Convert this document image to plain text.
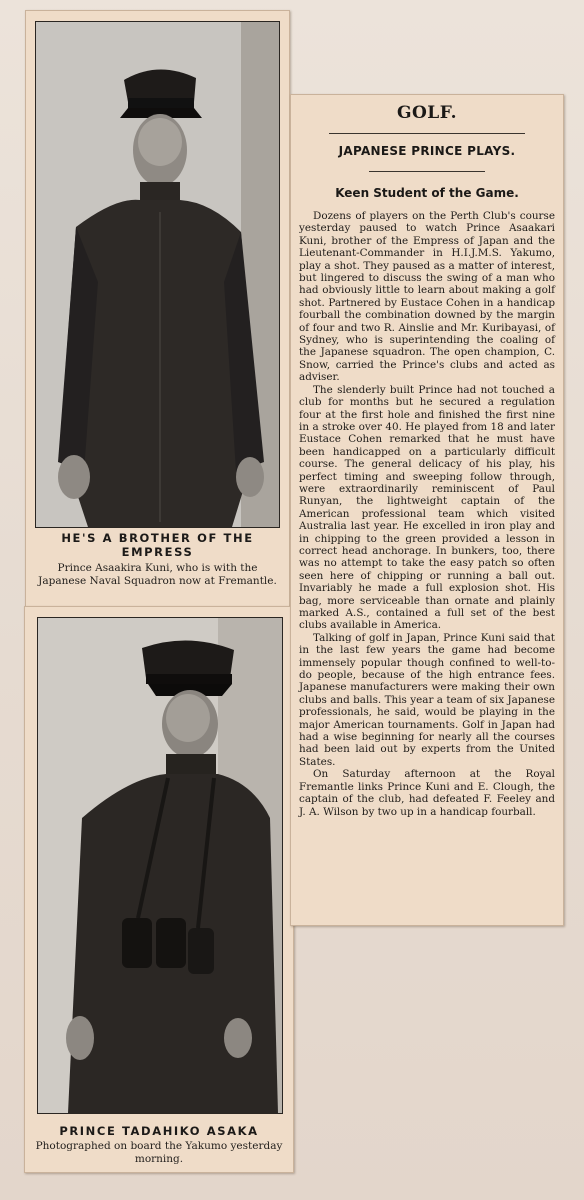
HE'S A BROTHER OF THE EMPRESS
Prince Asaakira Kuni, who is with the Japanese Naval Squadron now at Fremantle.
PRINCE TADAHIKO ASAKA
Photographed on board the Yakumo yesterday morning.
GOLF.
JAPANESE PRINCE PLAYS.
Keen Student of the Game.

Dozens of players on the Perth Club's course yesterday paused to watch Prince Asaakari Kuni, brother of the Empress of Japan and the Lieutenant-Commander in H.I.J.M.S. Yakumo, play a shot. They paused as a matter of interest, but lingered to discuss the swing of a man who had obviously little to learn about making a golf shot. Partnered by Eustace Cohen in a handicap fourball the combination downed by the margin of four and two R. Ainslie and Mr. Kuribayasi, of Sydney, who is superintending the coaling of the Japanese squadron. The open champion, C. Snow, carried the Prince's clubs and acted as adviser.

The slenderly built Prince had not touched a club for months but he secured a regulation four at the first hole and finished the first nine in a stroke over 40. He played from 18 and later Eustace Cohen remarked that he must have been handicapped on a particularly difficult course. The general delicacy of his play, his perfect timing and sweeping follow through, were extraordinarily reminiscent of Paul Runyan, the lightweight captain of the American professional team which visited Australia last year. He excelled in iron play and in chipping to the green provided a lesson in correct head anchorage. In bunkers, too, there was no attempt to take the easy patch so often seen here of chipping or running a ball out. Invariably he made a full explosion shot. His bag, more serviceable than ornate and plainly marked A.S., contained a full set of the best clubs available in America.

Talking of golf in Japan, Prince Kuni said that in the last few years the game had become immensely popular though confined to well-to-do people, because of the high entrance fees. Japanese manufacturers were making their own clubs and balls. This year a team of six Japanese professionals, he said, would be playing in the major American tournaments. Golf in Japan had had a wise beginning for nearly all the courses had been laid out by experts from the United States.

On Saturday afternoon at the Royal Fremantle links Prince Kuni and E. Clough, the captain of the club, had defeated F. Feeley and J. A. Wilson by two up in a handicap fourball.
